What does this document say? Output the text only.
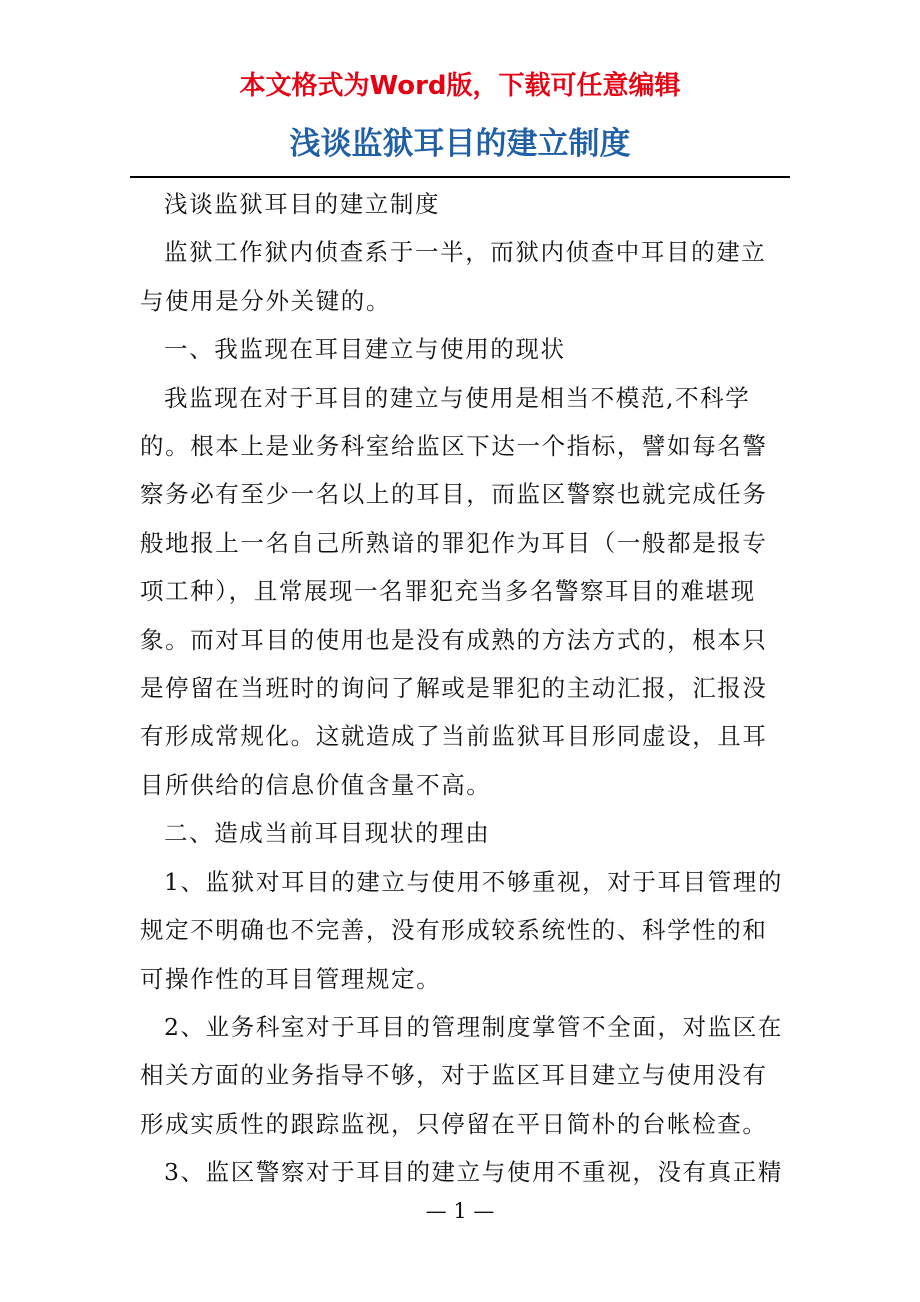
本文格式为Word版，下载可任意编辑
浅谈监狱耳目的建立制度

浅谈监狱耳目的建立制度

监狱工作狱内侦查系于一半，而狱内侦查中耳目的建立与使用是分外关键的。

一、我监现在耳目建立与使用的现状

我监现在对于耳目的建立与使用是相当不模范,不科学的。根本上是业务科室给监区下达一个指标，譬如每名警察务必有至少一名以上的耳目，而监区警察也就完成任务般地报上一名自己所熟谙的罪犯作为耳目（一般都是报专项工种），且常展现一名罪犯充当多名警察耳目的难堪现象。而对耳目的使用也是没有成熟的方法方式的，根本只是停留在当班时的询问了解或是罪犯的主动汇报，汇报没有形成常规化。这就造成了当前监狱耳目形同虚设，且耳目所供给的信息价值含量不高。

二、造成当前耳目现状的理由

1、监狱对耳目的建立与使用不够重视，对于耳目管理的规定不明确也不完善，没有形成较系统性的、科学性的和可操作性的耳目管理规定。

2、业务科室对于耳目的管理制度掌管不全面，对监区在相关方面的业务指导不够，对于监区耳目建立与使用没有形成实质性的跟踪监视，只停留在平日简朴的台帐检查。

3、监区警察对于耳目的建立与使用不重视，没有真正精

— 1 —
